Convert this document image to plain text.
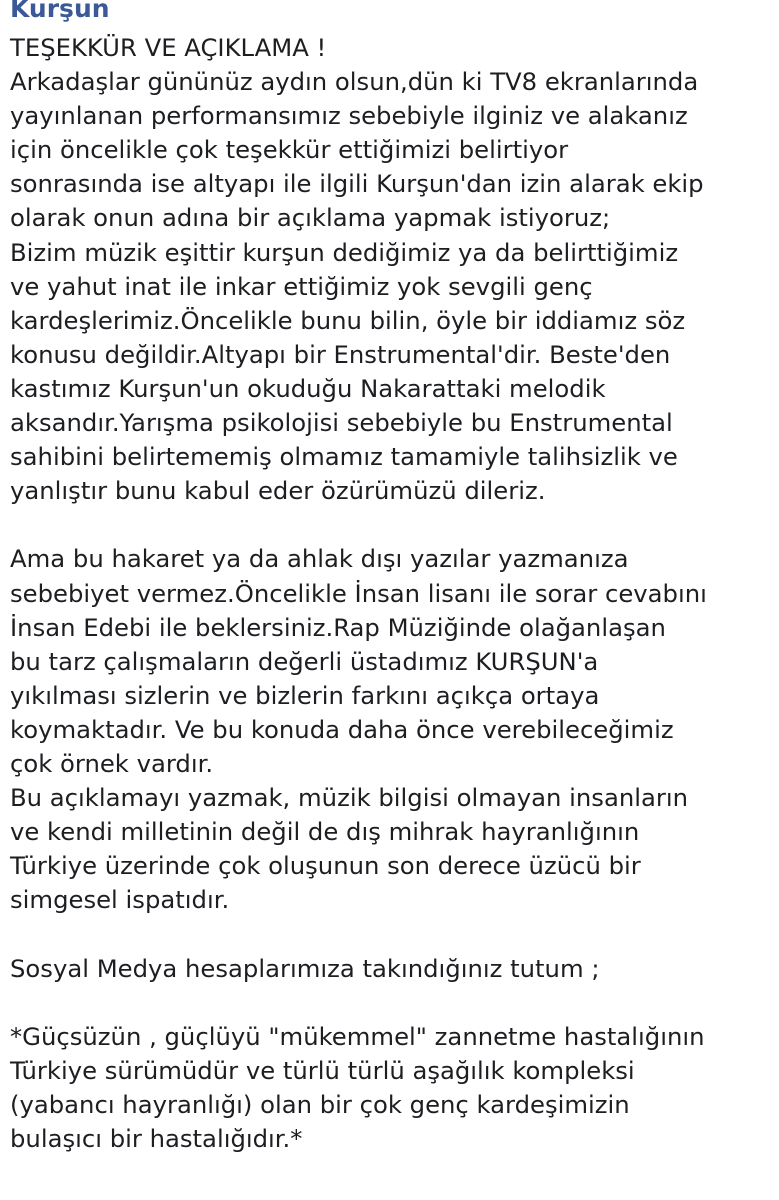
Kurşun
TEŞEKKÜR VE AÇIKLAMA !
Arkadaşlar gününüz aydın olsun,dün ki TV8 ekranlarında
yayınlanan performansımız sebebiyle ilginiz ve alakanız
için öncelikle çok teşekkür ettiğimizi belirtiyor
sonrasında ise altyapı ile ilgili Kurşun'dan izin alarak ekip
olarak onun adına bir açıklama yapmak istiyoruz;
Bizim müzik eşittir kurşun dediğimiz ya da belirttiğimiz
ve yahut inat ile inkar ettiğimiz yok sevgili genç
kardeşlerimiz.Öncelikle bunu bilin, öyle bir iddiamız söz
konusu değildir.Altyapı bir Enstrumental'dir. Beste'den
kastımız Kurşun'un okuduğu Nakarattaki melodik
aksandır.Yarışma psikolojisi sebebiyle bu Enstrumental
sahibini belirtememiş olmamız tamamiyle talihsizlik ve
yanlıştır bunu kabul eder özürümüzü dileriz.
Ama bu hakaret ya da ahlak dışı yazılar yazmanıza
sebebiyet vermez.Öncelikle İnsan lisanı ile sorar cevabını
İnsan Edebi ile beklersiniz.Rap Müziğinde olağanlaşan
bu tarz çalışmaların değerli üstadımız KURŞUN'a
yıkılması sizlerin ve bizlerin farkını açıkça ortaya
koymaktadır. Ve bu konuda daha önce verebileceğimiz
çok örnek vardır.
Bu açıklamayı yazmak, müzik bilgisi olmayan insanların
ve kendi milletinin değil de dış mihrak hayranlığının
Türkiye üzerinde çok oluşunun son derece üzücü bir
simgesel ispatıdır.
Sosyal Medya hesaplarımıza takındığınız tutum ;
*Güçsüzün , güçlüyü "mükemmel" zannetme hastalığının
Türkiye sürümüdür ve türlü türlü aşağılık kompleksi
(yabancı hayranlığı) olan bir çok genç kardeşimizin
bulaşıcı bir hastalığıdır.*
